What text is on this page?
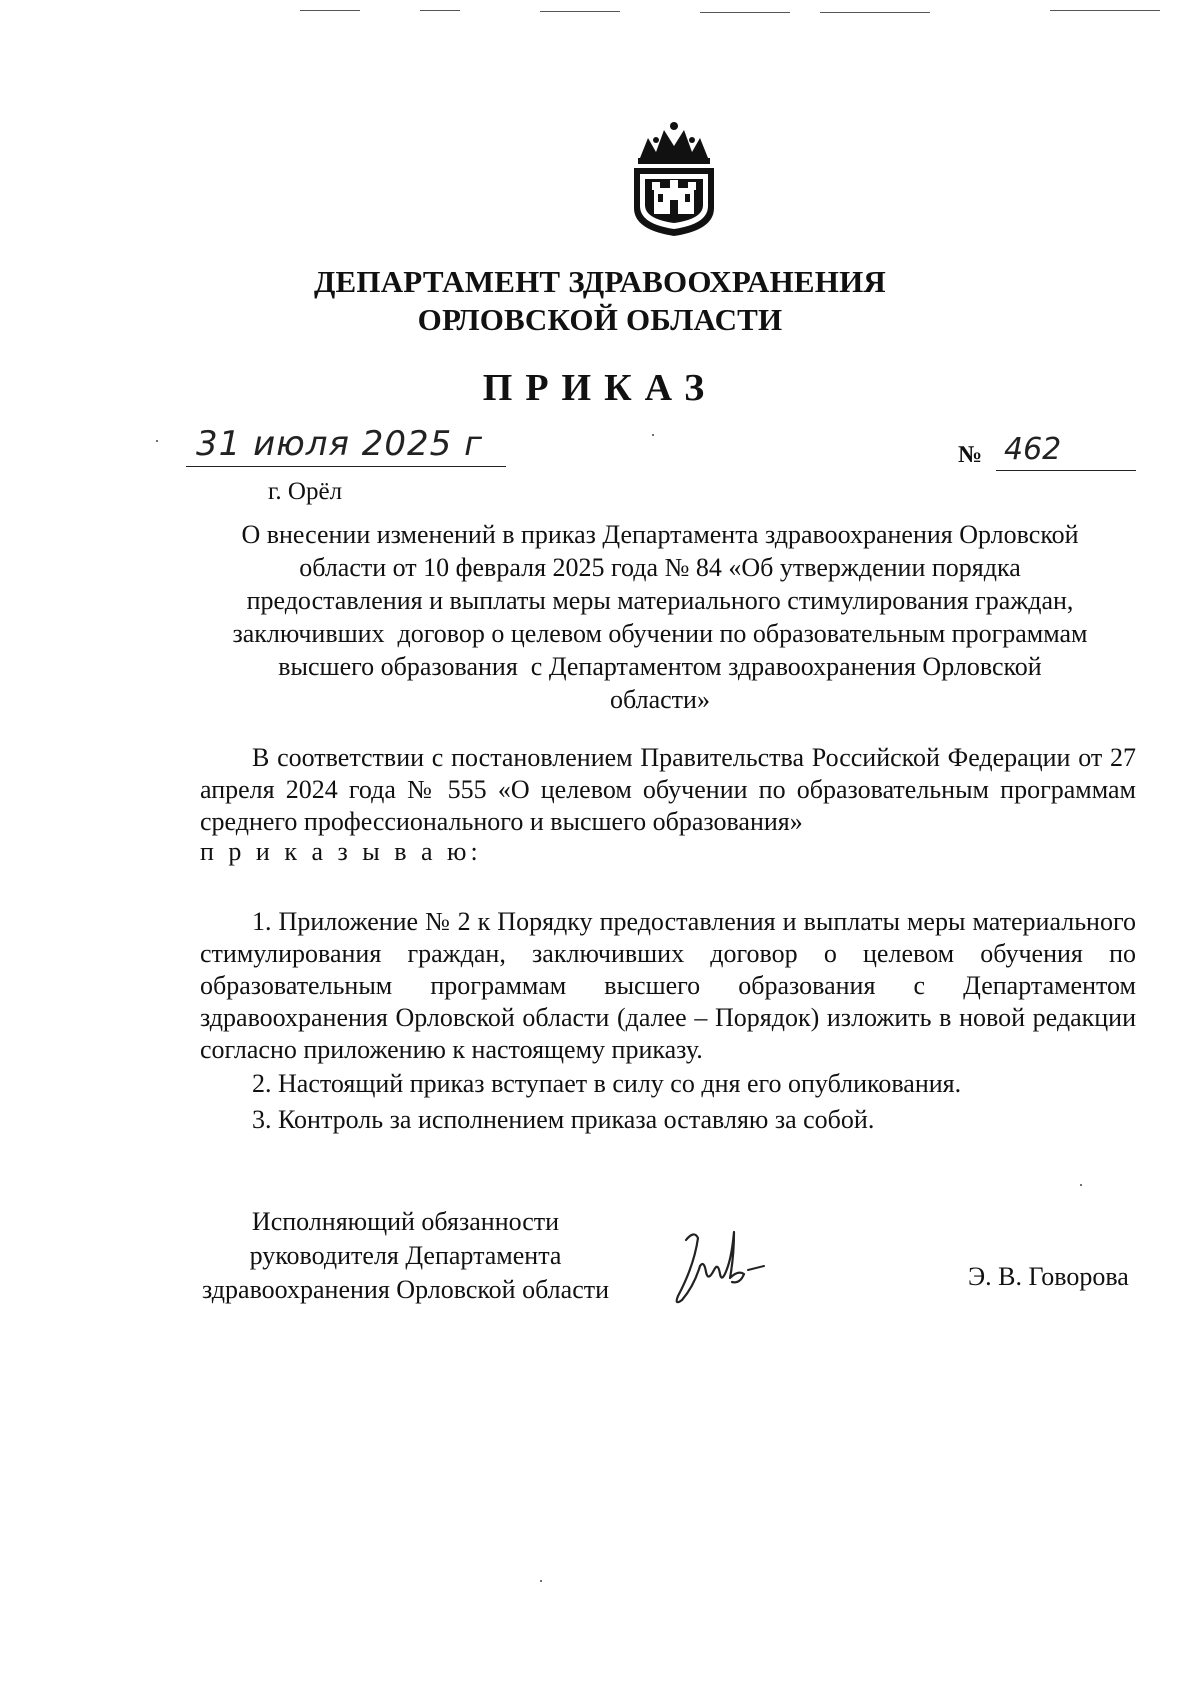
ДЕПАРТАМЕНТ ЗДРАВООХРАНЕНИЯ
ОРЛОВСКОЙ ОБЛАСТИ
ПРИКАЗ
31 июля 2025 г
г. Орёл
№ 462
О внесении изменений в приказ Департамента здравоохранения Орловской
области от 10 февраля 2025 года № 84 «Об утверждении порядка
предоставления и выплаты меры материального стимулирования граждан,
заключивших  договор о целевом обучении по образовательным программам
высшего образования  с Департаментом здравоохранения Орловской
области»
В соответствии с постановлением Правительства Российской Федерации от 27 апреля 2024 года № 555 «О целевом обучении по образовательным программам среднего профессионального и высшего образования»
п р и к а з ы в а ю:
1. Приложение № 2 к Порядку предоставления и выплаты меры материального стимулирования граждан, заключивших договор о целевом обучения по образовательным программам высшего образования с Департаментом здравоохранения Орловской области (далее – Порядок) изложить в новой редакции согласно приложению к настоящему приказу.
2. Настоящий приказ вступает в силу со дня его опубликования.
3. Контроль за исполнением приказа оставляю за собой.
Исполняющий обязанности
руководителя Департамента
здравоохранения Орловской области	Э. В. Говорова
